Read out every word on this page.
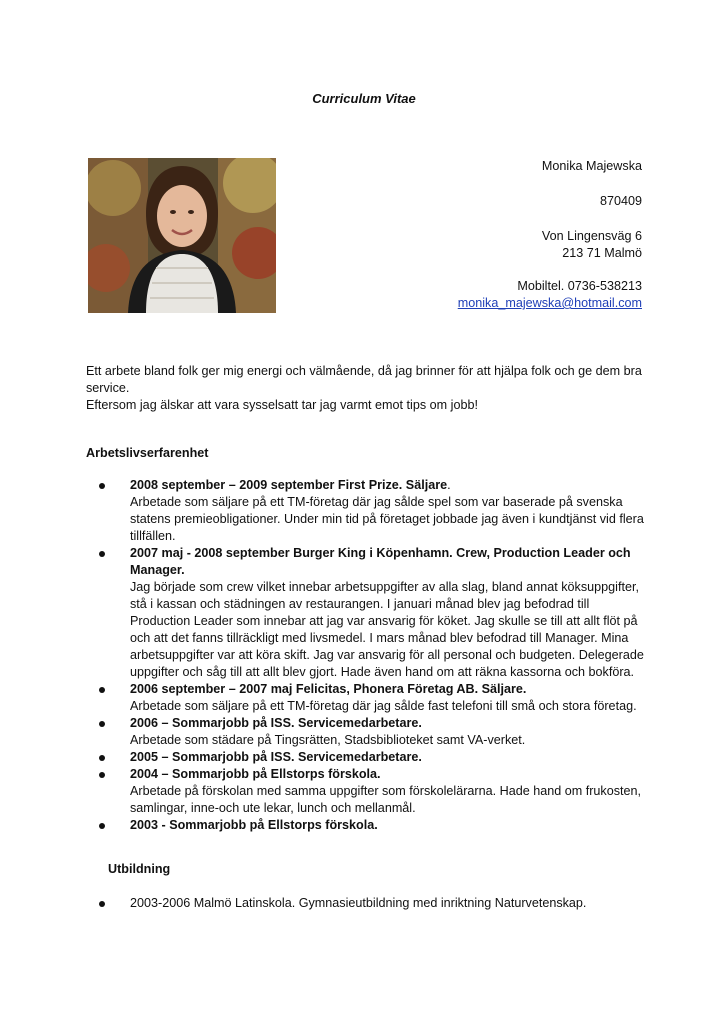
Curriculum Vitae
Monika Majewska
870409
Von Lingensväg 6
213 71 Malmö
Mobiltel. 0736-538213
monika_majewska@hotmail.com
Ett arbete bland folk ger mig energi och välmående, då jag brinner för att hjälpa folk och ge dem bra service.
Eftersom jag älskar att vara sysselsatt tar jag varmt emot tips om jobb!
Arbetslivserfarenhet
2008 september – 2009 september First Prize. Säljare.
Arbetade som säljare på ett TM-företag där jag sålde spel som var baserade på svenska statens premieobligationer. Under min tid på företaget jobbade jag även i kundtjänst vid flera tillfällen.
2007 maj - 2008 september Burger King i Köpenhamn. Crew, Production Leader och Manager.
Jag började som crew vilket innebar arbetsuppgifter av alla slag, bland annat köksuppgifter, stå i kassan och städningen av restaurangen. I januari månad blev jag befodrad till Production Leader som innebar att jag var ansvarig för köket. Jag skulle se till att allt flöt på och att det fanns tillräckligt med livsmedel. I mars månad blev befodrad till Manager. Mina arbetsuppgifter var att köra skift. Jag var ansvarig för all personal och budgeten. Delegerade uppgifter och såg till att allt blev gjort. Hade även hand om att räkna kassorna och bokföra.
2006 september – 2007 maj Felicitas, Phonera Företag AB. Säljare.
Arbetade som säljare på ett TM-företag där jag sålde fast telefoni till små och stora företag.
2006 – Sommarjobb på ISS. Servicemedarbetare.
Arbetade som städare på Tingsrätten, Stadsbiblioteket samt VA-verket.
2005 – Sommarjobb på ISS. Servicemedarbetare.
2004 – Sommarjobb på Ellstorps förskola.
Arbetade på förskolan med samma uppgifter som förskolelärarna. Hade hand om frukosten, samlingar, inne-och ute lekar, lunch och mellanmål.
2003 - Sommarjobb på Ellstorps förskola.
Utbildning
2003-2006 Malmö Latinskola. Gymnasieutbildning med inriktning Naturvetenskap.
